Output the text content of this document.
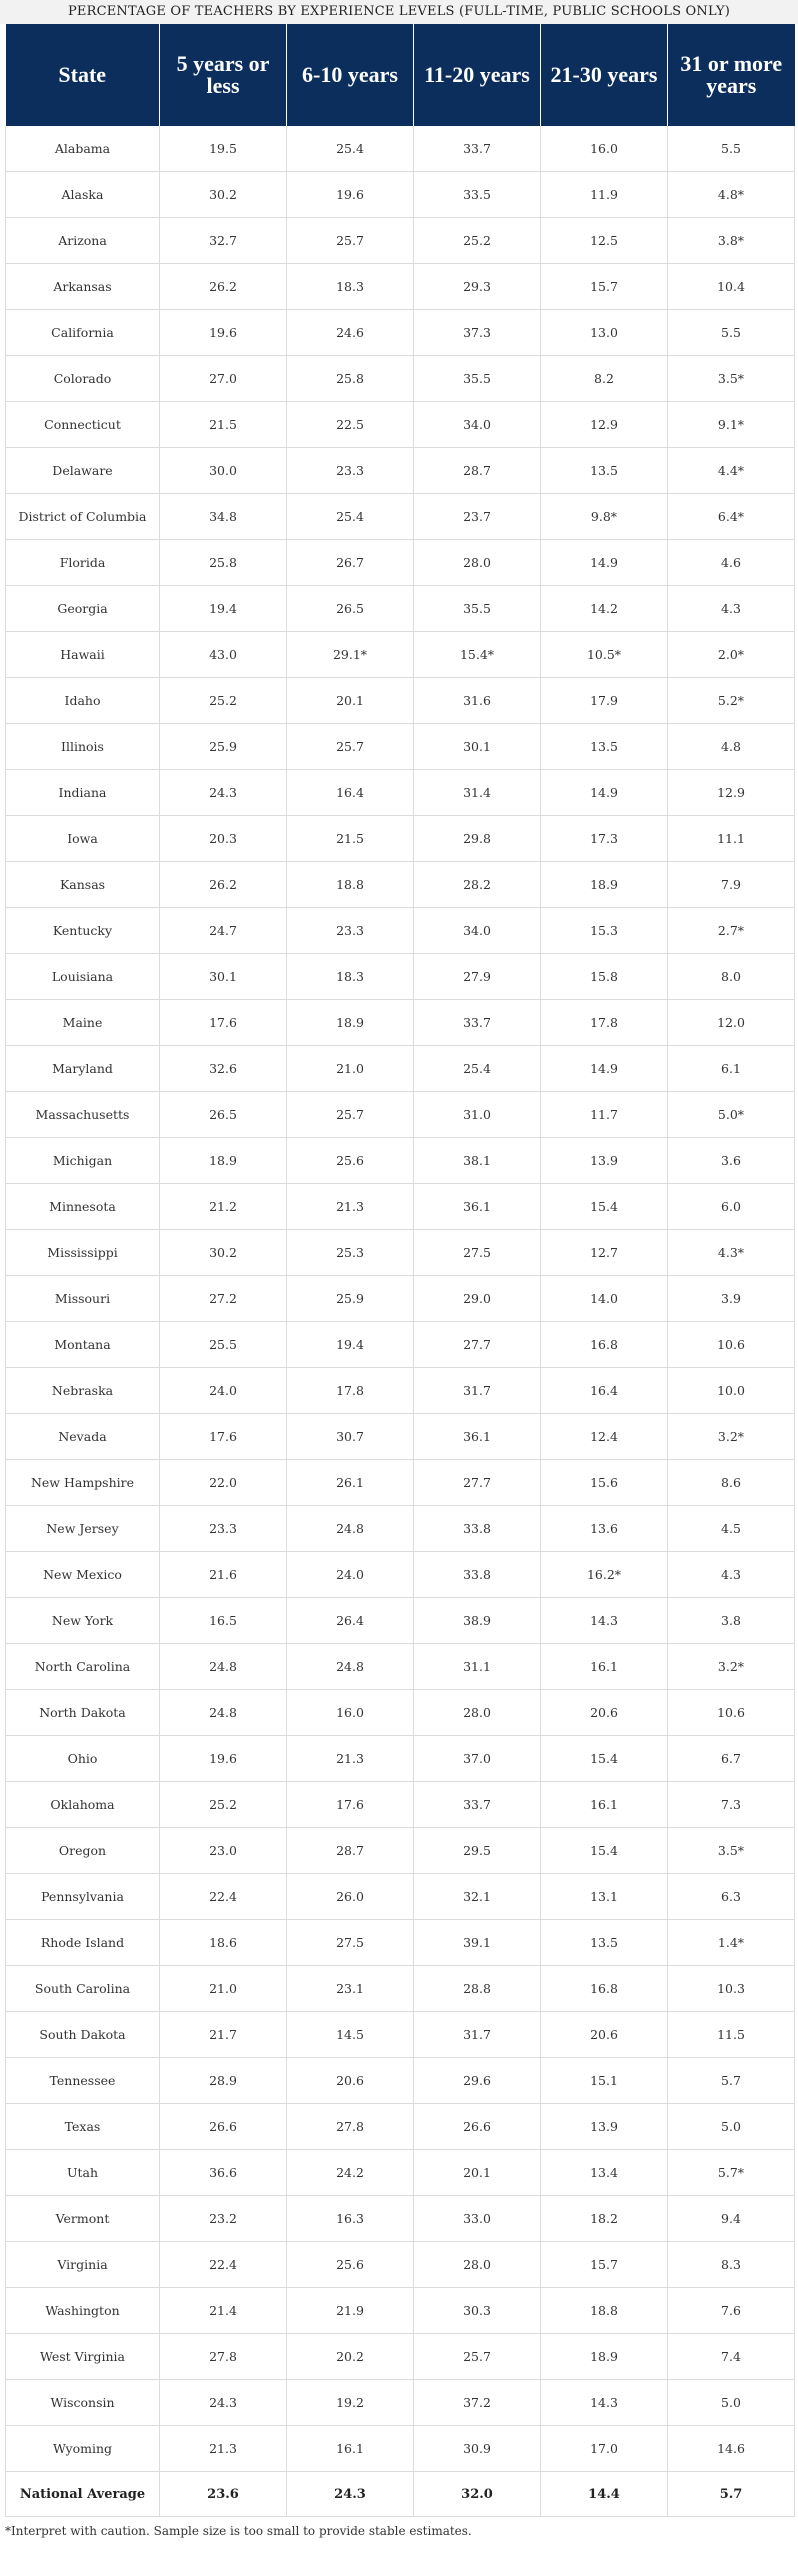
PERCENTAGE OF TEACHERS BY EXPERIENCE LEVELS (FULL-TIME, PUBLIC SCHOOLS ONLY)
State	5 years or less	6-10 years	11-20 years	21-30 years	31 or more years
Alabama	19.5	25.4	33.7	16.0	5.5
Alaska	30.2	19.6	33.5	11.9	4.8*
Arizona	32.7	25.7	25.2	12.5	3.8*
Arkansas	26.2	18.3	29.3	15.7	10.4
California	19.6	24.6	37.3	13.0	5.5
Colorado	27.0	25.8	35.5	8.2	3.5*
Connecticut	21.5	22.5	34.0	12.9	9.1*
Delaware	30.0	23.3	28.7	13.5	4.4*
District of Columbia	34.8	25.4	23.7	9.8*	6.4*
Florida	25.8	26.7	28.0	14.9	4.6
Georgia	19.4	26.5	35.5	14.2	4.3
Hawaii	43.0	29.1*	15.4*	10.5*	2.0*
Idaho	25.2	20.1	31.6	17.9	5.2*
Illinois	25.9	25.7	30.1	13.5	4.8
Indiana	24.3	16.4	31.4	14.9	12.9
Iowa	20.3	21.5	29.8	17.3	11.1
Kansas	26.2	18.8	28.2	18.9	7.9
Kentucky	24.7	23.3	34.0	15.3	2.7*
Louisiana	30.1	18.3	27.9	15.8	8.0
Maine	17.6	18.9	33.7	17.8	12.0
Maryland	32.6	21.0	25.4	14.9	6.1
Massachusetts	26.5	25.7	31.0	11.7	5.0*
Michigan	18.9	25.6	38.1	13.9	3.6
Minnesota	21.2	21.3	36.1	15.4	6.0
Mississippi	30.2	25.3	27.5	12.7	4.3*
Missouri	27.2	25.9	29.0	14.0	3.9
Montana	25.5	19.4	27.7	16.8	10.6
Nebraska	24.0	17.8	31.7	16.4	10.0
Nevada	17.6	30.7	36.1	12.4	3.2*
New Hampshire	22.0	26.1	27.7	15.6	8.6
New Jersey	23.3	24.8	33.8	13.6	4.5
New Mexico	21.6	24.0	33.8	16.2*	4.3
New York	16.5	26.4	38.9	14.3	3.8
North Carolina	24.8	24.8	31.1	16.1	3.2*
North Dakota	24.8	16.0	28.0	20.6	10.6
Ohio	19.6	21.3	37.0	15.4	6.7
Oklahoma	25.2	17.6	33.7	16.1	7.3
Oregon	23.0	28.7	29.5	15.4	3.5*
Pennsylvania	22.4	26.0	32.1	13.1	6.3
Rhode Island	18.6	27.5	39.1	13.5	1.4*
South Carolina	21.0	23.1	28.8	16.8	10.3
South Dakota	21.7	14.5	31.7	20.6	11.5
Tennessee	28.9	20.6	29.6	15.1	5.7
Texas	26.6	27.8	26.6	13.9	5.0
Utah	36.6	24.2	20.1	13.4	5.7*
Vermont	23.2	16.3	33.0	18.2	9.4
Virginia	22.4	25.6	28.0	15.7	8.3
Washington	21.4	21.9	30.3	18.8	7.6
West Virginia	27.8	20.2	25.7	18.9	7.4
Wisconsin	24.3	19.2	37.2	14.3	5.0
Wyoming	21.3	16.1	30.9	17.0	14.6
National Average	23.6	24.3	32.0	14.4	5.7
*Interpret with caution. Sample size is too small to provide stable estimates.
